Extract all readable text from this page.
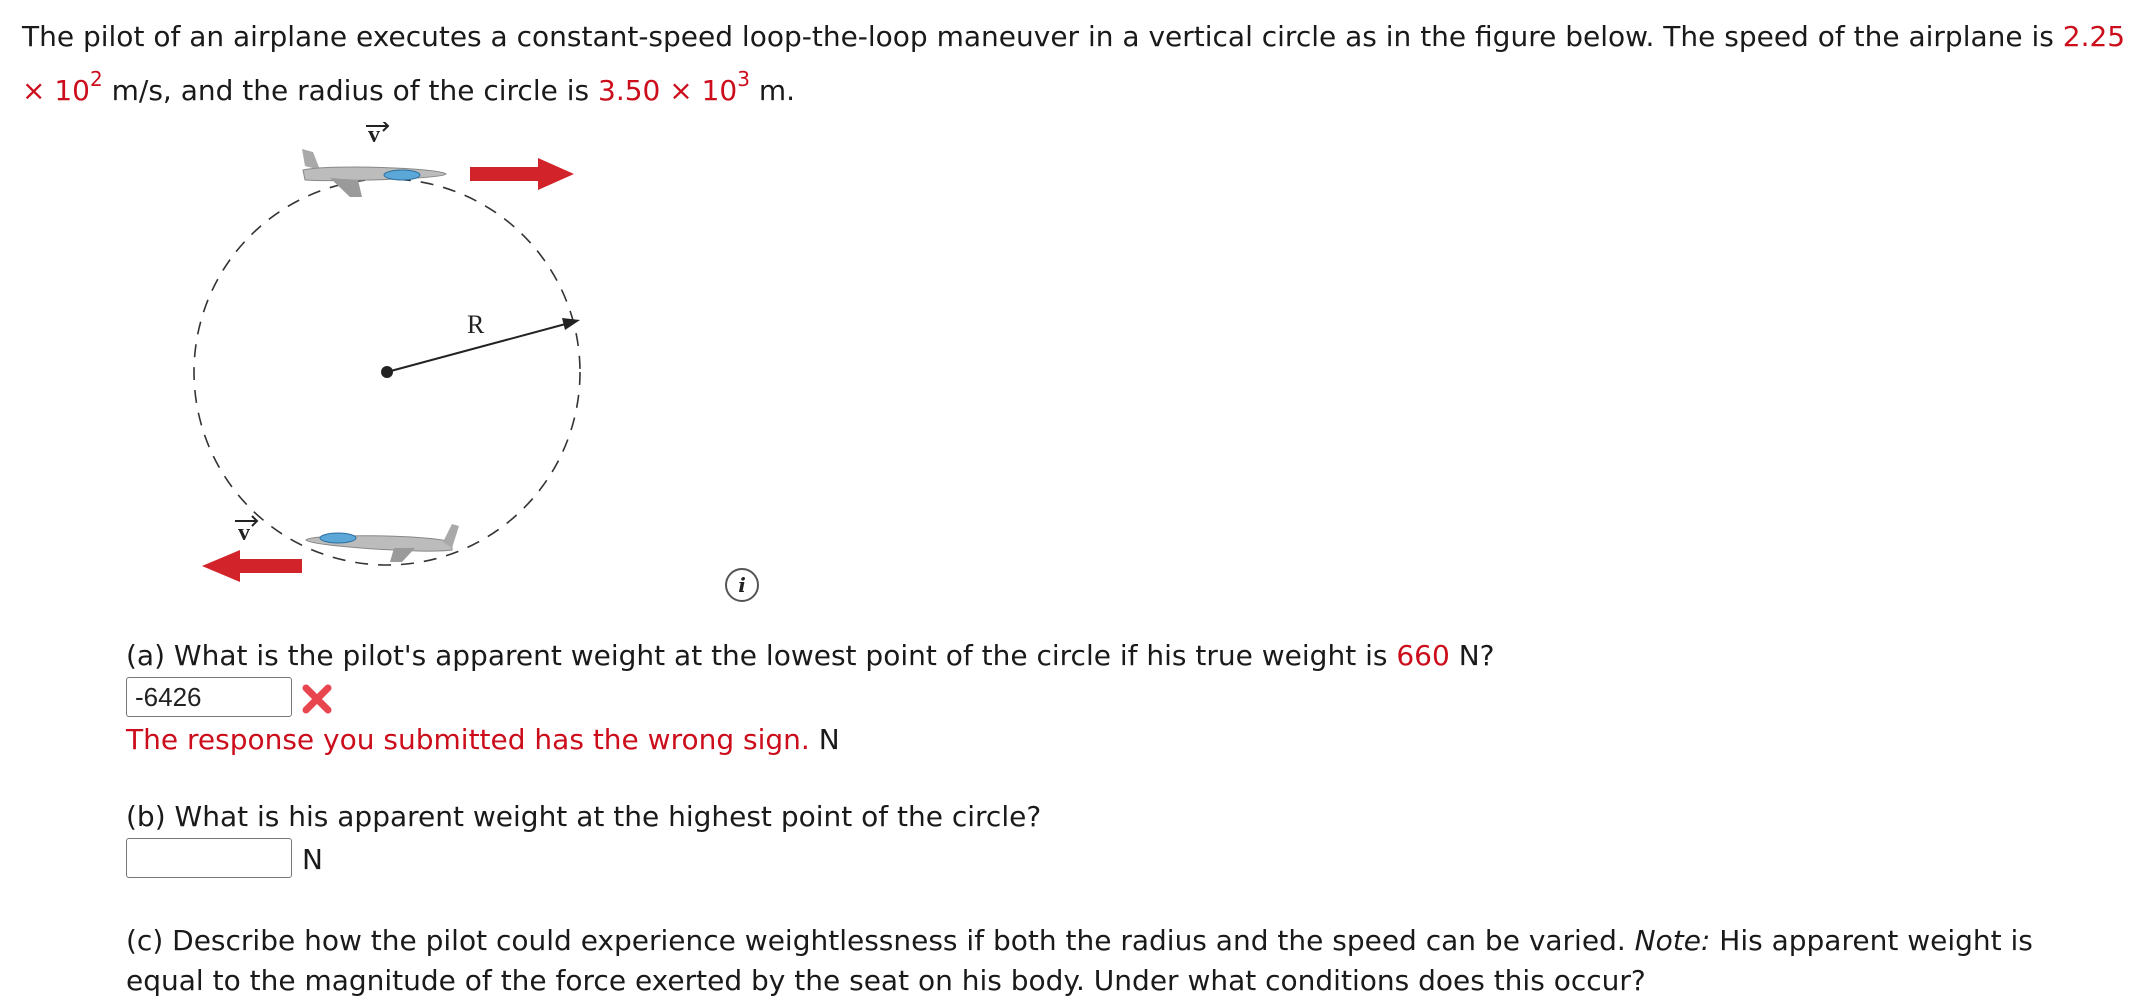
The pilot of an airplane executes a constant-speed loop-the-loop maneuver in a vertical circle as in the figure below. The speed of the airplane is $2.25 \times 10^2$ m/s, and the radius of the circle is $3.50 \times 10^3$ m.

R
v
v
i

(a) What is the pilot's apparent weight at the lowest point of the circle if his true weight is 660 N?

-6426
The response you submitted has the wrong sign. N

(b) What is his apparent weight at the highest point of the circle?

N

(c) Describe how the pilot could experience weightlessness if both the radius and the speed can be varied. Note: His apparent weight is equal to the magnitude of the force exerted by the seat on his body. Under what conditions does this occur?
